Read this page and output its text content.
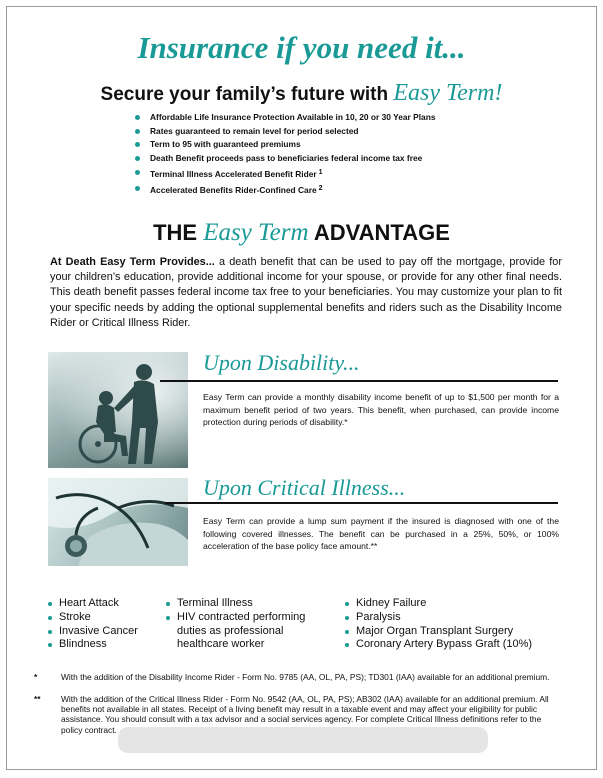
Insurance if you need it...
Secure your family’s future with Easy Term!
Affordable Life Insurance Protection Available in 10, 20 or 30 Year Plans
Rates guaranteed to remain level for period selected
Term to 95 with guaranteed premiums
Death Benefit proceeds pass to beneficiaries federal income tax free
Terminal Illness Accelerated Benefit Rider $^1$
Accelerated Benefits Rider-Confined Care $^2$
THE Easy Term ADVANTAGE

At Death Easy Term Provides... a death benefit that can be used to pay off the mortgage, provide for your children’s education, provide additional income for your spouse, or provide for any other final needs. This death benefit passes federal income tax free to your beneficiaries. You may customize your plan to fit your specific needs by adding the optional supplemental benefits and riders such as the Disability Income Rider or Critical Illness Rider.

Upon Disability...

Easy Term can provide a monthly disability income benefit of up to $1,500 per month for a maximum benefit period of two years. This benefit, when purchased, can provide income protection during periods of disability.*

Upon Critical Illness...

Easy Term can provide a lump sum payment if the insured is diagnosed with one of the following covered illnesses. The benefit can be purchased in a 25%, 50%, or 100% acceleration of the base policy face amount.**

Heart Attack
Stroke
Invasive Cancer
Blindness
Terminal Illness
HIV contracted performing duties as professional healthcare worker
Kidney Failure
Paralysis
Major Organ Transplant Surgery
Coronary Artery Bypass Graft (10%)

*	With the addition of the Disability Income Rider - Form No. 9785 (AA, OL, PA, PS); TD301 (IAA) available for an additional premium.

** With the addition of the Critical Illness Rider - Form No. 9542 (AA, OL, PA, PS); AB302 (IAA) available for an additional premium. All benefits not available in all states. Receipt of a living benefit may result in a taxable event and may affect your eligibility for public assistance. You should consult with a tax advisor and a social services agency. For complete Critical Illness definitions refer to the policy contract.
